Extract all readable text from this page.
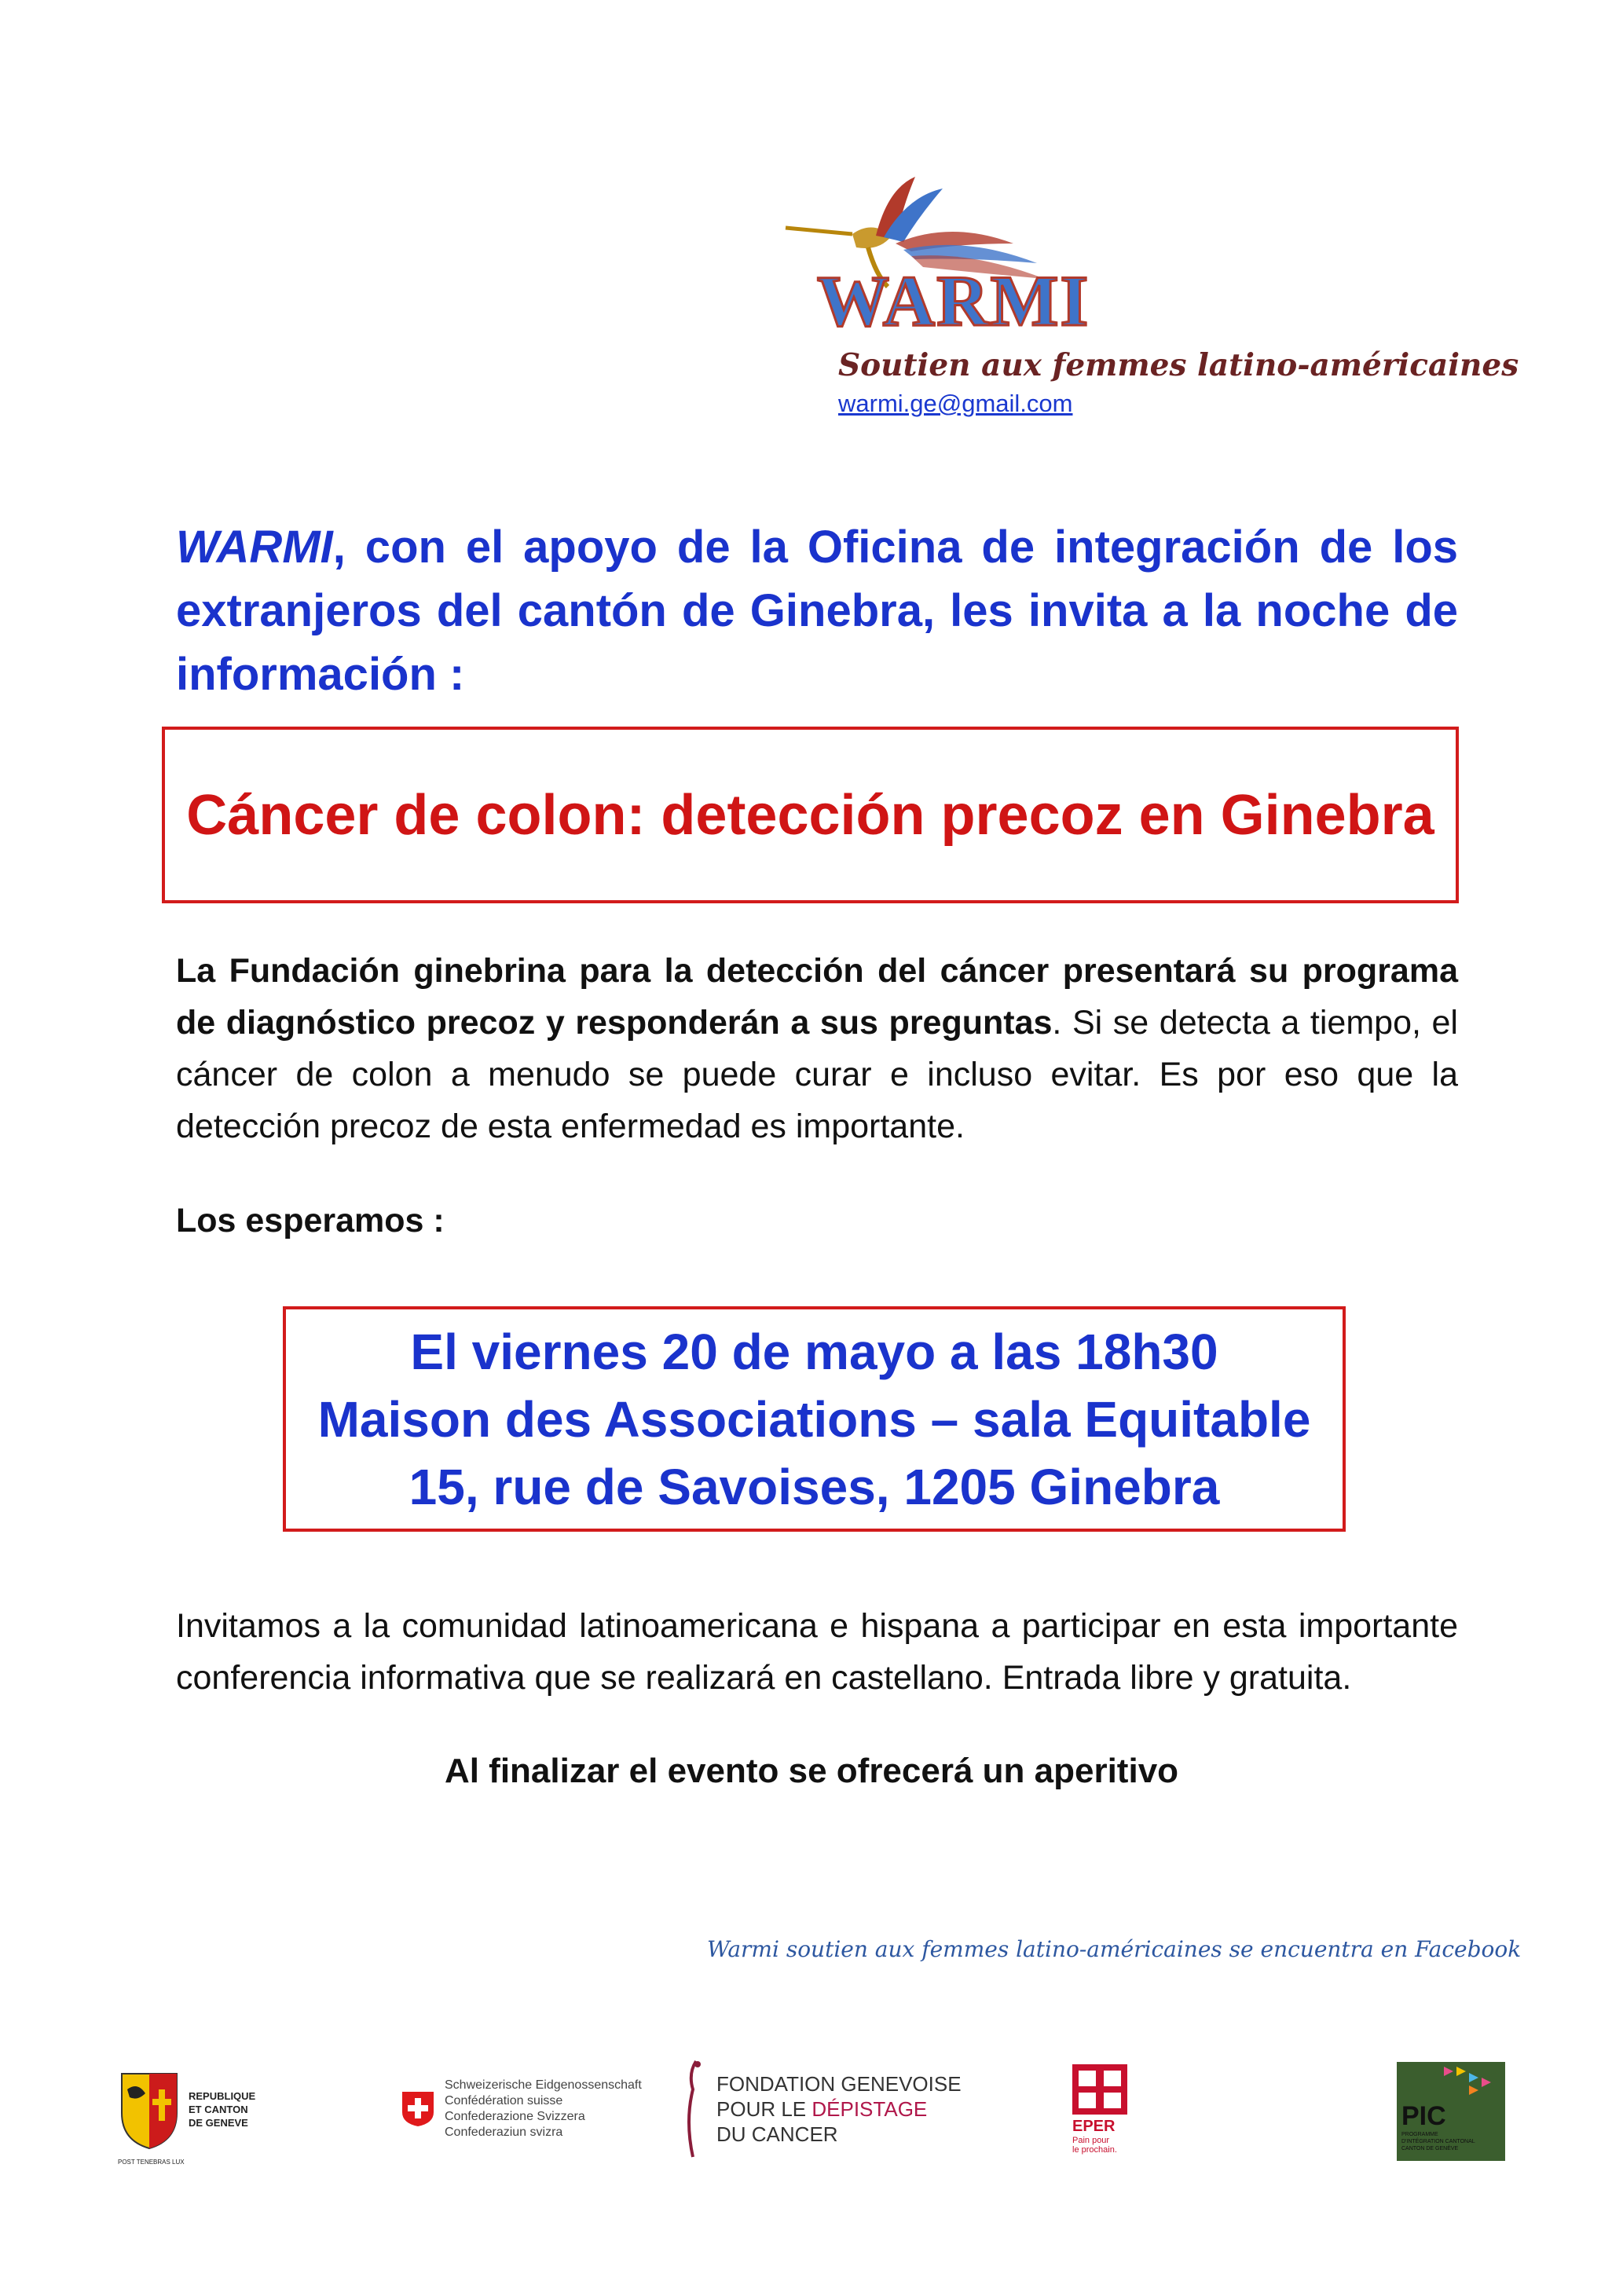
WARMI
Soutien aux femmes latino-américaines
warmi.ge@gmail.com
WARMI, con el apoyo de la Oficina de integración de los extranjeros del cantón de Ginebra, les invita a la noche de información :
Cáncer de colon: detección precoz en Ginebra
La Fundación ginebrina para la detección del cáncer presentará su programa de diagnóstico precoz y responderán a sus preguntas. Si se detecta a tiempo, el cáncer de colon a menudo se puede curar e incluso evitar. Es por eso que la detección precoz de esta enfermedad es importante.
Los esperamos :
El viernes 20 de mayo a las 18h30
Maison des Associations – sala Equitable
15, rue de Savoises, 1205 Ginebra
Invitamos a la comunidad latinoamericana e hispana a participar en esta importante conferencia informativa que se realizará en castellano. Entrada libre y gratuita.
Al finalizar el evento se ofrecerá un aperitivo
Warmi soutien aux femmes latino-américaines se encuentra en Facebook
POST TENEBRAS LUX
REPUBLIQUE
ET CANTON
DE GENEVE
Schweizerische Eidgenossenschaft
Confédération suisse
Confederazione Svizzera
Confederaziun svizra
FONDATION GENEVOISE
POUR LE DÉPISTAGE
DU CANCER	EPER
Pain pour
le prochain.
PIC
PROGRAMME
D'INTÉGRATION CANTONAL
CANTON DE GENÈVE
